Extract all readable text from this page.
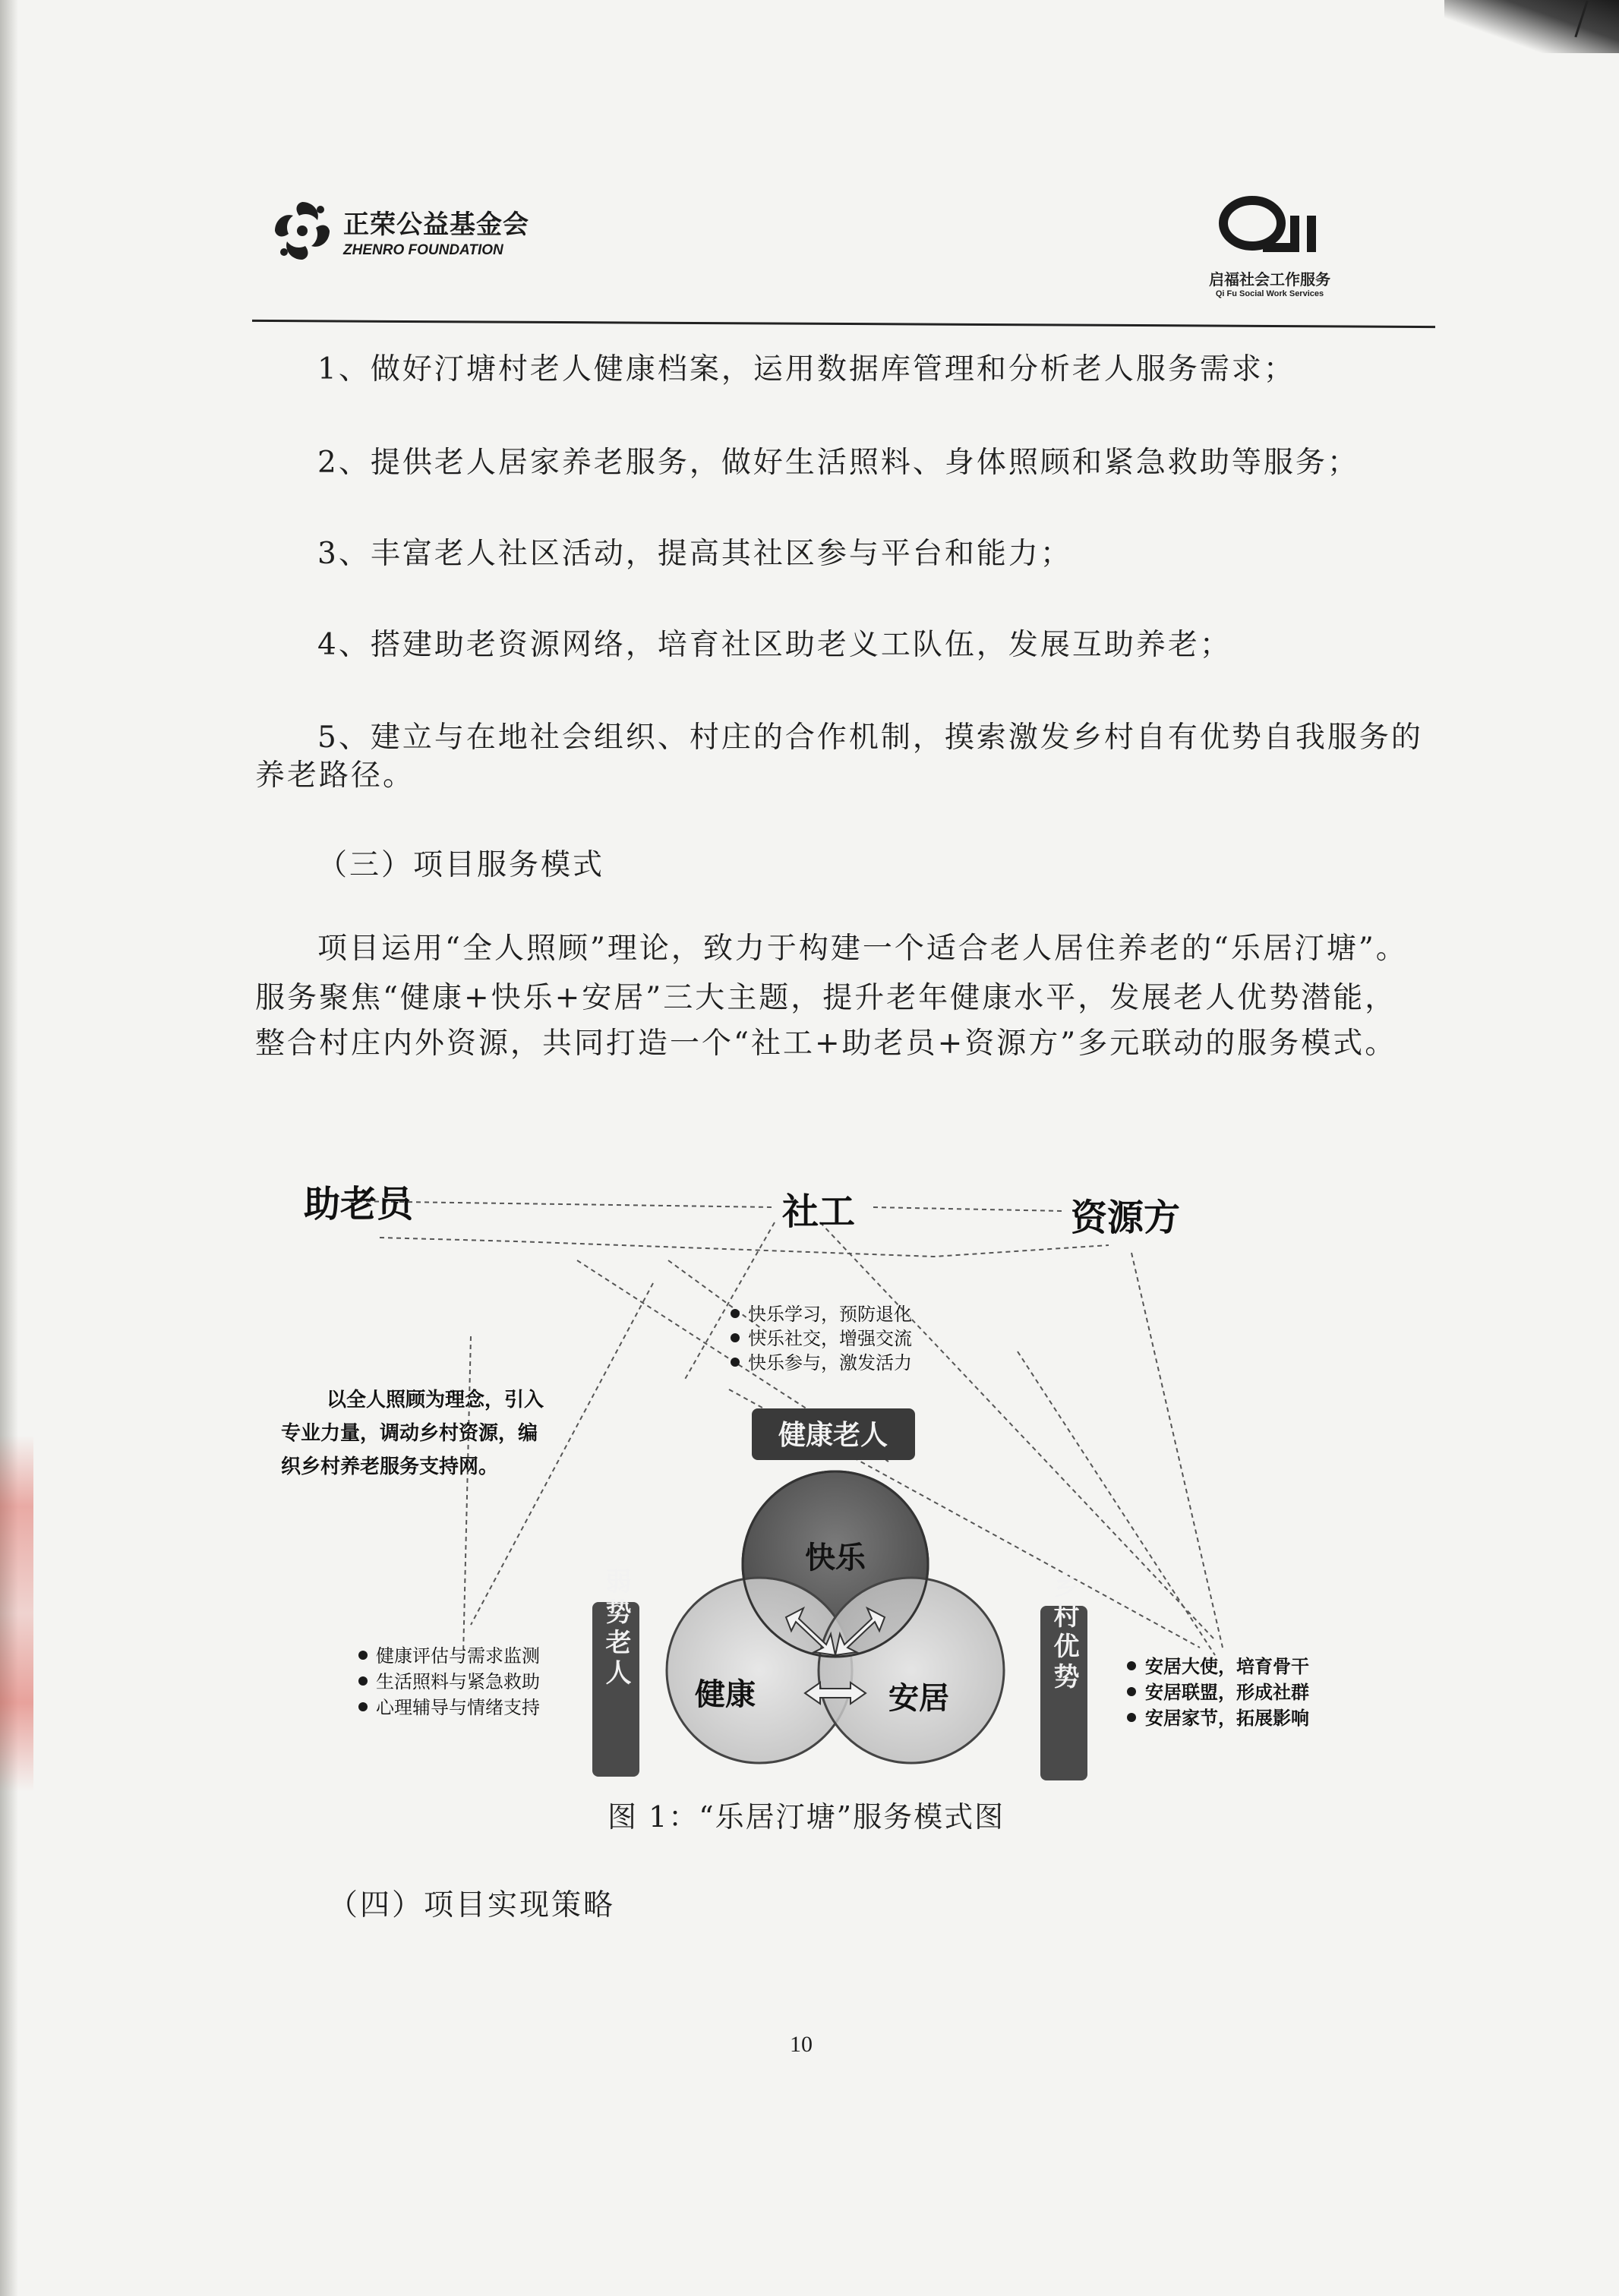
正荣公益基金会
ZHENRO FOUNDATION
启福社会工作服务
Qi Fu Social Work Services
1、做好汀塘村老人健康档案，运用数据库管理和分析老人服务需求；
2、提供老人居家养老服务，做好生活照料、身体照顾和紧急救助等服务；
3、丰富老人社区活动，提高其社区参与平台和能力；
4、搭建助老资源网络，培育社区助老义工队伍，发展互助养老；
5、建立与在地社会组织、村庄的合作机制，摸索激发乡村自有优势自我服务的
养老路径。
（三）项目服务模式
项目运用“全人照顾”理论，致力于构建一个适合老人居住养老的“乐居汀塘”。
服务聚焦“健康+快乐+安居”三大主题，提升老年健康水平，发展老人优势潜能，
整合村庄内外资源，共同打造一个“社工+助老员+资源方”多元联动的服务模式。
助老员	社工	资源方
快乐学习，预防退化
快乐社交，增强交流
快乐参与，激发活力
健康评估与需求监测
生活照料与紧急救助
心理辅导与情绪支持
安居大使，培育骨干
安居联盟，形成社群
安居家节，拓展影响
以全人照顾为理念，引入
专业力量，调动乡村资源，编
织乡村养老服务支持网。
健康老人
快乐
健康	安居
弱势老人	乡村优势
图 1：“乐居汀塘”服务模式图
（四）项目实现策略
10
